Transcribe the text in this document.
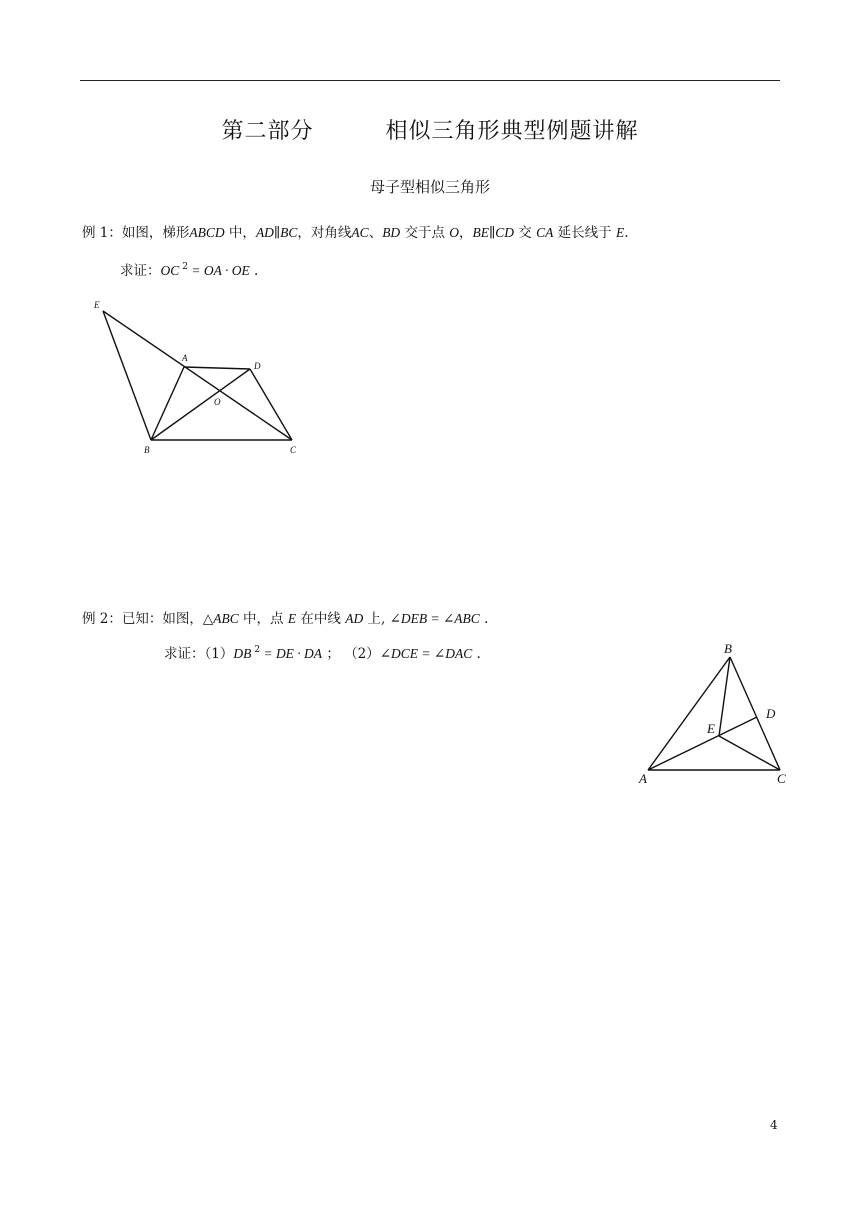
第二部分	相似三角形典型例题讲解
母子型相似三角形
例 1：如图，梯形ABCD 中，AD∥BC，对角线AC、BD 交于点 O，BE∥CD 交 CA 延长线于 E.
求证：OC $^2$ = OA · OE .
E
A
D
O
B	C
B
D
E
A	C
例 2：已知：如图，△ABC 中，点 E 在中线 AD 上, ∠DEB = ∠ABC .
求证：（1）DB $^2$ = DE · DA ； （2）∠DCE = ∠DAC .
4
